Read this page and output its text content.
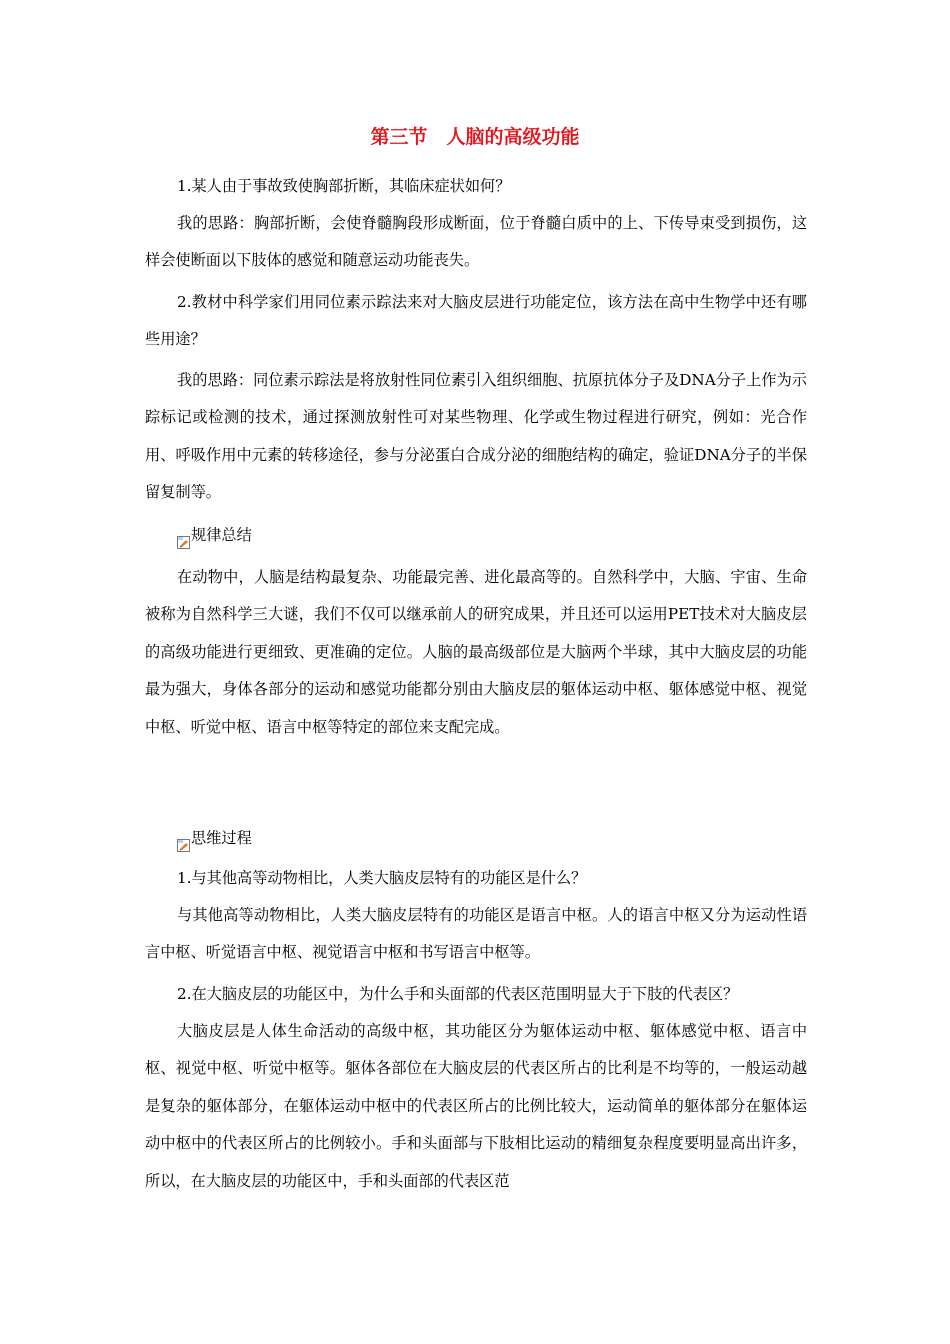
第三节　人脑的高级功能

1.某人由于事故致使胸部折断，其临床症状如何？

我的思路：胸部折断，会使脊髓胸段形成断面，位于脊髓白质中的上、下传导束受到损伤，这样会使断面以下肢体的感觉和随意运动功能丧失。

2.教材中科学家们用同位素示踪法来对大脑皮层进行功能定位，该方法在高中生物学中还有哪些用途？

我的思路：同位素示踪法是将放射性同位素引入组织细胞、抗原抗体分子及DNA分子上作为示踪标记或检测的技术，通过探测放射性可对某些物理、化学或生物过程进行研究，例如：光合作用、呼吸作用中元素的转移途径，参与分泌蛋白合成分泌的细胞结构的确定，验证DNA分子的半保留复制等。

规律总结

在动物中，人脑是结构最复杂、功能最完善、进化最高等的。自然科学中，大脑、宇宙、生命被称为自然科学三大谜，我们不仅可以继承前人的研究成果，并且还可以运用PET技术对大脑皮层的高级功能进行更细致、更准确的定位。人脑的最高级部位是大脑两个半球，其中大脑皮层的功能最为强大，身体各部分的运动和感觉功能都分别由大脑皮层的躯体运动中枢、躯体感觉中枢、视觉中枢、听觉中枢、语言中枢等特定的部位来支配完成。

思维过程

1.与其他高等动物相比，人类大脑皮层特有的功能区是什么？

与其他高等动物相比，人类大脑皮层特有的功能区是语言中枢。人的语言中枢又分为运动性语言中枢、听觉语言中枢、视觉语言中枢和书写语言中枢等。

2.在大脑皮层的功能区中，为什么手和头面部的代表区范围明显大于下肢的代表区？

大脑皮层是人体生命活动的高级中枢，其功能区分为躯体运动中枢、躯体感觉中枢、语言中枢、视觉中枢、听觉中枢等。躯体各部位在大脑皮层的代表区所占的比利是不均等的，一般运动越是复杂的躯体部分，在躯体运动中枢中的代表区所占的比例比较大，运动简单的躯体部分在躯体运动中枢中的代表区所占的比例较小。手和头面部与下肢相比运动的精细复杂程度要明显高出许多，所以，在大脑皮层的功能区中，手和头面部的代表区范
